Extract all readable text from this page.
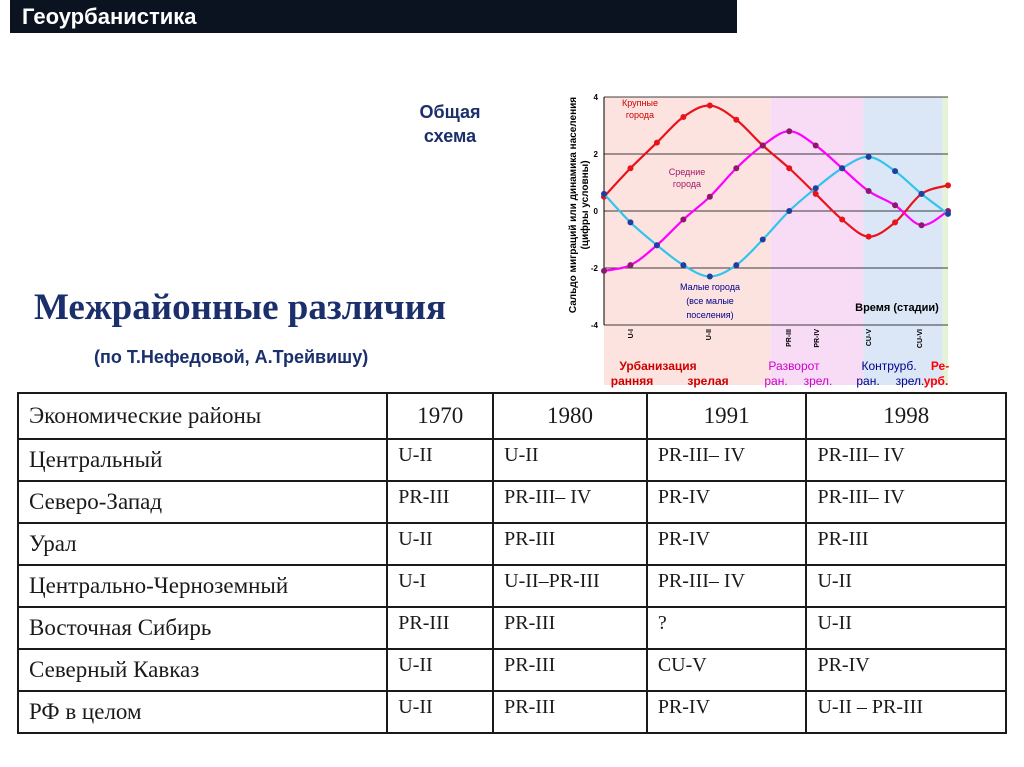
Геоурбанистика
Общая
схема
4
2
0
-2
-4
Сальдо миграций или динамика населения(цифры условны)
Крупные
города
Средние
города
Малые города
(все малые
поселения)
Время (стадии)
U-I	U-II	PR-III	PR-IV	CU-V	CU-VI
Урбанизация
ранняя	зрелая
Разворот
ран. зрел.
Контрурб.
ран. зрел.
Ре-
урб.
Межрайонные различия
(по Т.Нефедовой, А.Трейвишу)
Экономические районы	1970	1980	1991	1998
Центральный	U-II	U-II	PR-III– IV	PR-III– IV
Северо-Запад	PR-III	PR-III– IV	PR-IV	PR-III– IV
Урал	U-II	PR-III	PR-IV	PR-III
Центрально-Черноземный	U-I	U-II–PR-III	PR-III– IV	U-II
Восточная Сибирь	PR-III	PR-III	?	U-II
Северный Кавказ	U-II	PR-III	CU-V	PR-IV
РФ в целом	U-II	PR-III	PR-IV	U-II – PR-III
